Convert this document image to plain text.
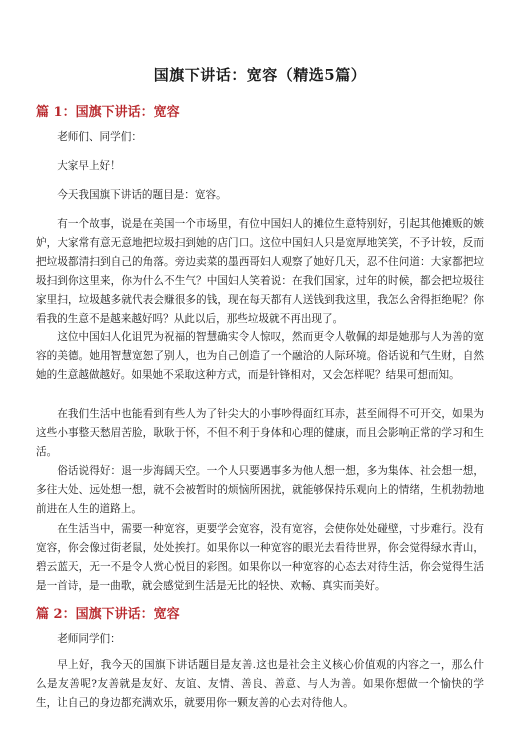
国旗下讲话：宽容（精选5篇）
篇 1：国旗下讲话：宽容

老师们、同学们：

大家早上好！

今天我国旗下讲话的题目是：宽容。

有一个故事，说是在美国一个市场里，有位中国妇人的摊位生意特别好，引起其他摊贩的嫉妒，大家常有意无意地把垃圾扫到她的店门口。这位中国妇人只是宽厚地笑笑，不予计较，反而把垃圾都清扫到自己的角落。旁边卖菜的墨西哥妇人观察了她好几天，忍不住问道：大家都把垃圾扫到你这里来，你为什么不生气？中国妇人笑着说：在我们国家，过年的时候，都会把垃圾往家里扫，垃圾越多就代表会赚很多的钱，现在每天都有人送钱到我这里，我怎么舍得拒绝呢？你看我的生意不是越来越好吗？从此以后，那些垃圾就不再出现了。

这位中国妇人化诅咒为祝福的智慧确实令人惊叹，然而更令人敬佩的却是她那与人为善的宽容的美德。她用智慧宽恕了别人，也为自己创造了一个融洽的人际环境。俗话说和气生财，自然她的生意越做越好。如果她不采取这种方式，而是针锋相对，又会怎样呢？结果可想而知。

在我们生活中也能看到有些人为了针尖大的小事吵得面红耳赤，甚至闹得不可开交，如果为这些小事整天愁眉苦脸，耿耿于怀，不但不利于身体和心理的健康，而且会影响正常的学习和生活。

俗话说得好：退一步海阔天空。一个人只要遇事多为他人想一想，多为集体、社会想一想，多往大处、远处想一想，就不会被暂时的烦恼所困扰，就能够保持乐观向上的情绪，生机勃勃地前进在人生的道路上。

在生活当中，需要一种宽容，更要学会宽容，没有宽容，会使你处处碰壁，寸步难行。没有宽容，你会像过街老鼠，处处挨打。如果你以一种宽容的眼光去看待世界，你会觉得绿水青山，碧云蓝天，无一不是令人赏心悦目的彩图。如果你以一种宽容的心态去对待生活，你会觉得生活是一首诗，是一曲歌，就会感觉到生活是无比的轻快、欢畅、真实而美好。

篇 2：国旗下讲话：宽容

老师同学们：

早上好，我今天的国旗下讲话题目是友善.这也是社会主义核心价值观的内容之一，那么什么是友善呢?友善就是友好、友谊、友情、善良、善意、与人为善。如果你想做一个愉快的学生，让自己的身边都充满欢乐，就要用你一颗友善的心去对待他人。
